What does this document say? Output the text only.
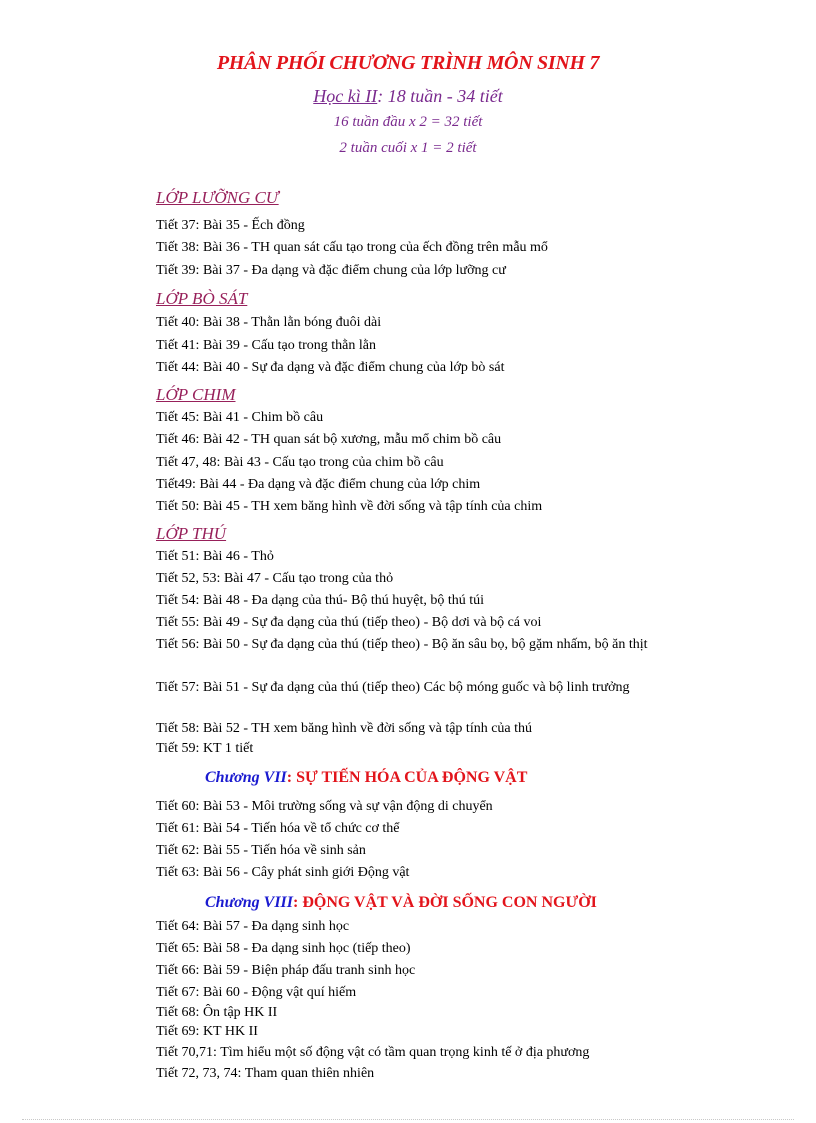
PHÂN PHỐI CHƯƠNG TRÌNH MÔN SINH 7
Học kì II: 18 tuần - 34 tiết
16 tuần đầu x 2 = 32 tiết
2 tuần cuối x 1 = 2 tiết
LỚP LƯỠNG CƯ
Tiết 37: Bài 35 - Ếch đồng
Tiết 38: Bài 36 - TH quan sát cấu tạo trong của ếch đồng trên mẫu mổ
Tiết 39: Bài 37 - Đa dạng và đặc điểm chung của lớp lưỡng cư
LỚP BÒ SÁT
Tiết 40: Bài 38 - Thằn lằn bóng đuôi dài
Tiết 41: Bài 39 - Cấu tạo trong thằn lằn
Tiết 44: Bài 40 - Sự đa dạng và đặc điểm chung của lớp bò sát
LỚP CHIM
Tiết 45: Bài 41 - Chim bồ câu
Tiết 46: Bài 42 - TH quan sát bộ xương, mẫu mổ chim bồ câu
Tiết 47, 48: Bài 43 - Cấu tạo trong của chim bồ câu
Tiết49: Bài 44 - Đa dạng và đặc điểm chung của lớp chim
Tiết 50: Bài 45 - TH xem băng hình về đời sống và tập tính của chim
LỚP THÚ
Tiết 51: Bài 46 - Thỏ
Tiết 52, 53: Bài 47 - Cấu tạo trong của thỏ
Tiết 54: Bài 48 - Đa dạng của thú- Bộ thú huyệt, bộ thú túi
Tiết 55: Bài 49 - Sự đa dạng của thú (tiếp theo) - Bộ dơi và bộ cá voi
Tiết 56: Bài 50 - Sự đa dạng của thú (tiếp theo) - Bộ ăn sâu bọ, bộ gặm nhấm, bộ ăn thịt
Tiết 57: Bài 51 - Sự đa dạng của thú (tiếp theo) Các bộ móng guốc và bộ linh trưởng
Tiết 58: Bài 52 - TH xem băng hình về đời sống và tập tính của thú
Tiết 59: KT 1 tiết
Chương VII: SỰ TIẾN HÓA CỦA ĐỘNG VẬT
Tiết 60: Bài 53 - Môi trường sống và sự vận động di chuyển
Tiết 61: Bài 54 - Tiến hóa về tổ chức cơ thể
Tiết 62: Bài 55 - Tiến hóa về sinh sản
Tiết 63: Bài 56 - Cây phát sinh giới Động vật
Chương VIII: ĐỘNG VẬT VÀ ĐỜI SỐNG CON NGƯỜI
Tiết 64: Bài 57 - Đa dạng sinh học
Tiết 65: Bài 58 - Đa dạng sinh học (tiếp theo)
Tiết 66: Bài 59 - Biện pháp đấu tranh sinh học
Tiết 67: Bài 60 - Động vật quí hiếm
Tiết 68: Ôn tập HK II
Tiết 69: KT HK II
Tiết 70,71: Tìm hiểu một số động vật có tầm quan trọng kinh tế ở địa phương
Tiết 72, 73, 74: Tham quan thiên nhiên
